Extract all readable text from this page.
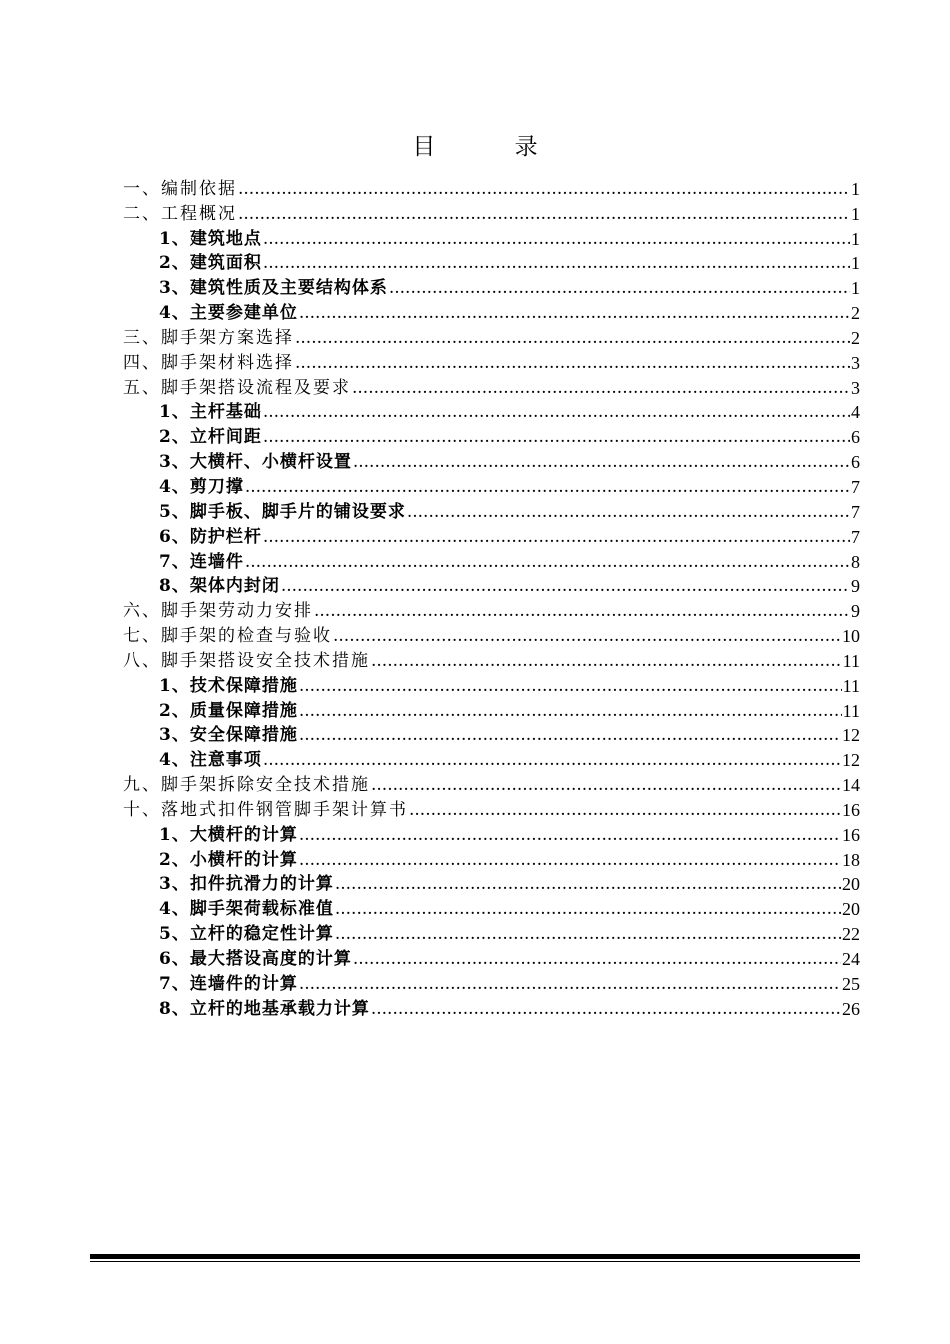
目 录
一、编制依据 .....	1
二、工程概况 .....	1
1、建筑地点 .....	1
2、建筑面积 .....	1
3、建筑性质及主要结构体系 .....	1
4、主要参建单位 .....	2
三、脚手架方案选择 .....	2
四、脚手架材料选择 .....	3
五、脚手架搭设流程及要求 .....	3
1、主杆基础 .....	4
2、立杆间距 .....	6
3、大横杆、小横杆设置 .....	6
4、剪刀撑 .....	7
5、脚手板、脚手片的铺设要求 .....	7
6、防护栏杆 .....	7
7、连墙件 .....	8
8、架体内封闭 .....	9
六、脚手架劳动力安排 .....	9
七、脚手架的检查与验收 .....	10
八、脚手架搭设安全技术措施 .....	11
1、技术保障措施 .....	11
2、质量保障措施 .....	11
3、安全保障措施 .....	12
4、注意事项 .....	12
九、脚手架拆除安全技术措施 .....	14
十、落地式扣件钢管脚手架计算书 .....	16
1、大横杆的计算 .....	16
2、小横杆的计算 .....	18
3、扣件抗滑力的计算 .....	20
4、脚手架荷载标准值 .....	20
5、立杆的稳定性计算 .....	22
6、最大搭设高度的计算 .....	24
7、连墙件的计算 .....	25
8、立杆的地基承载力计算 .....	26
